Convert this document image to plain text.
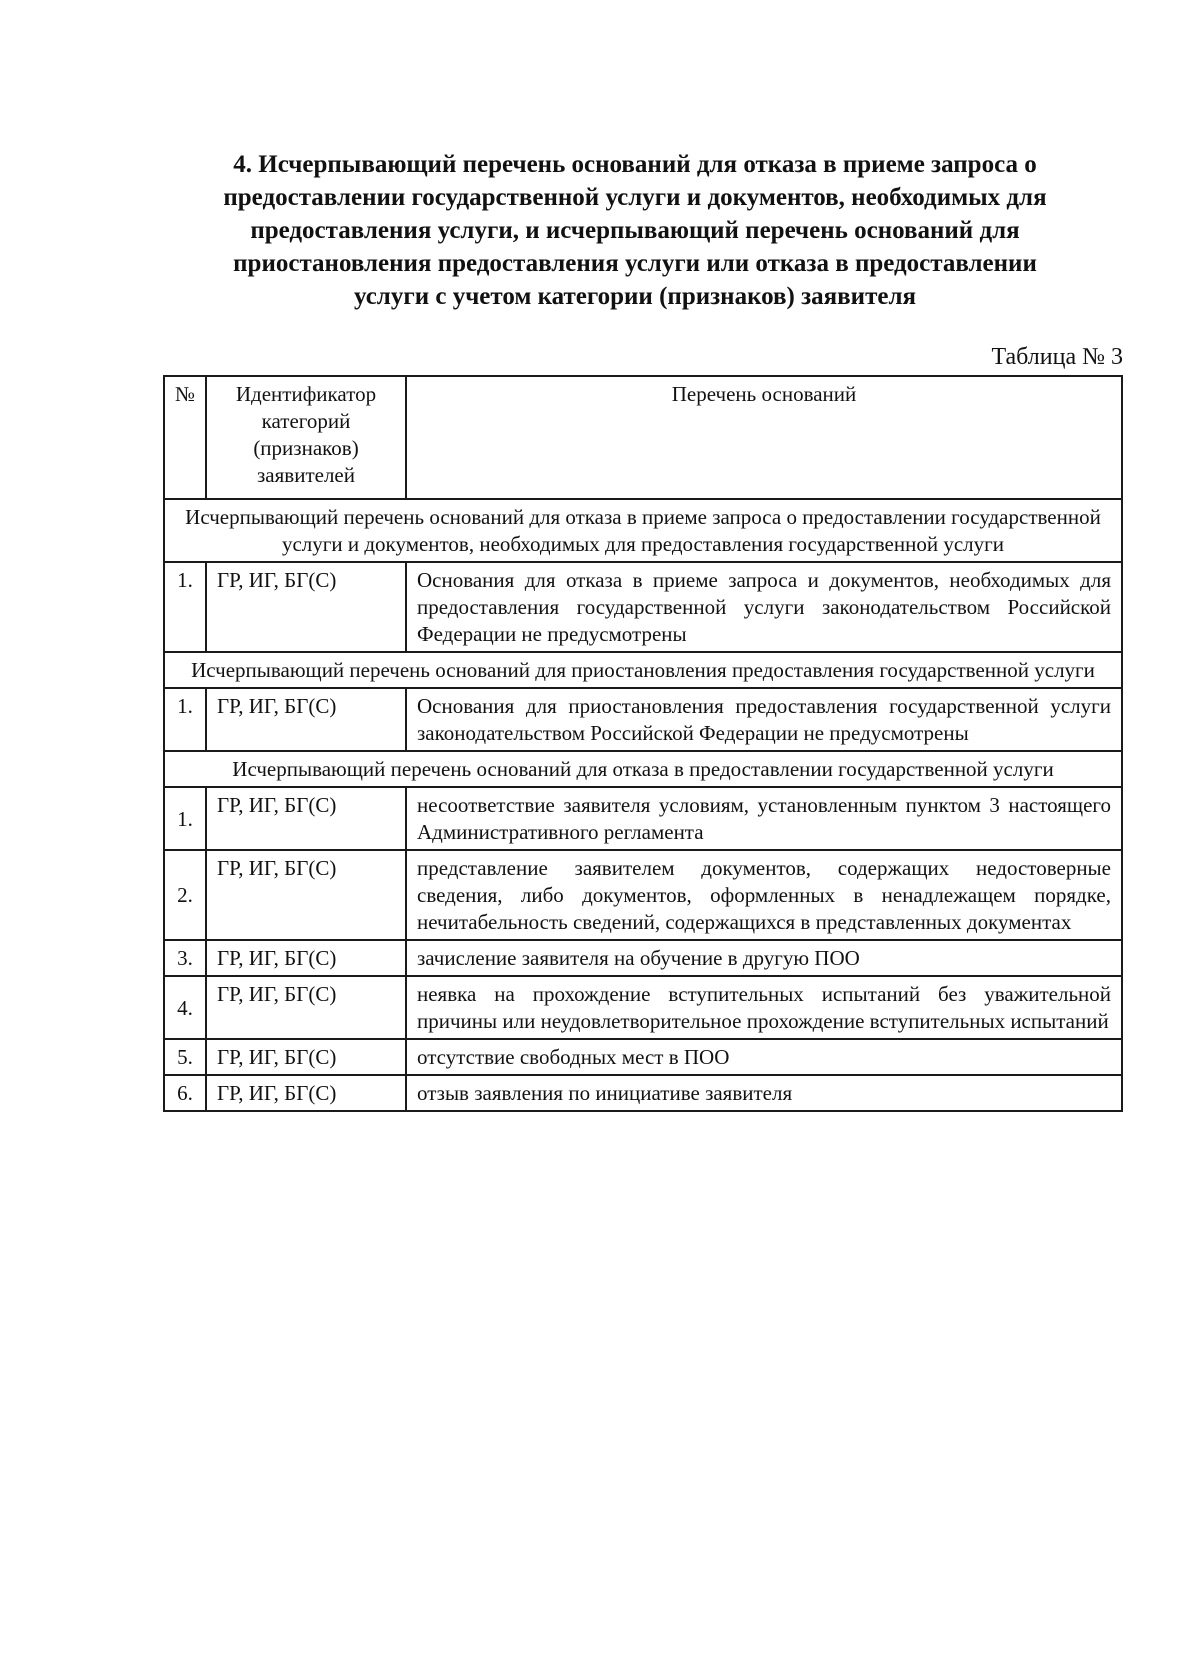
4. Исчерпывающий перечень оснований для отказа в приеме запроса о
предоставлении государственной услуги и документов, необходимых для
предоставления услуги, и исчерпывающий перечень оснований для
приостановления предоставления услуги или отказа в предоставлении
услуги с учетом категории (признаков) заявителя
Таблица № 3
№	Идентификатор категорий (признаков) заявителей	Перечень оснований
Исчерпывающий перечень оснований для отказа в приеме запроса о предоставлении государственной услуги и документов, необходимых для предоставления государственной услуги		
1.	ГР, ИГ, БГ(С)	Основания для отказа в приеме запроса и документов, необходимых для предоставления государственной услуги законодательством Российской Федерации не предусмотрены
Исчерпывающий перечень оснований для приостановления предоставления государственной услуги		
1.	ГР, ИГ, БГ(С)	Основания для приостановления предоставления государственной услуги законодательством Российской Федерации не предусмотрены
Исчерпывающий перечень оснований для отказа в предоставлении государственной услуги		
1.	ГР, ИГ, БГ(С)	несоответствие заявителя условиям, установленным пунктом 3 настоящего Административного регламента
2.	ГР, ИГ, БГ(С)	представление заявителем документов, содержащих недостоверные сведения, либо документов, оформленных в ненадлежащем порядке, нечитабельность сведений, содержащихся в представленных документах
3.	ГР, ИГ, БГ(С)	зачисление заявителя на обучение в другую ПОО
4.	ГР, ИГ, БГ(С)	неявка на прохождение вступительных испытаний без уважительной причины или неудовлетворительное прохождение вступительных испытаний
5.	ГР, ИГ, БГ(С)	отсутствие свободных мест в ПОО
6.	ГР, ИГ, БГ(С)	отзыв заявления по инициативе заявителя
